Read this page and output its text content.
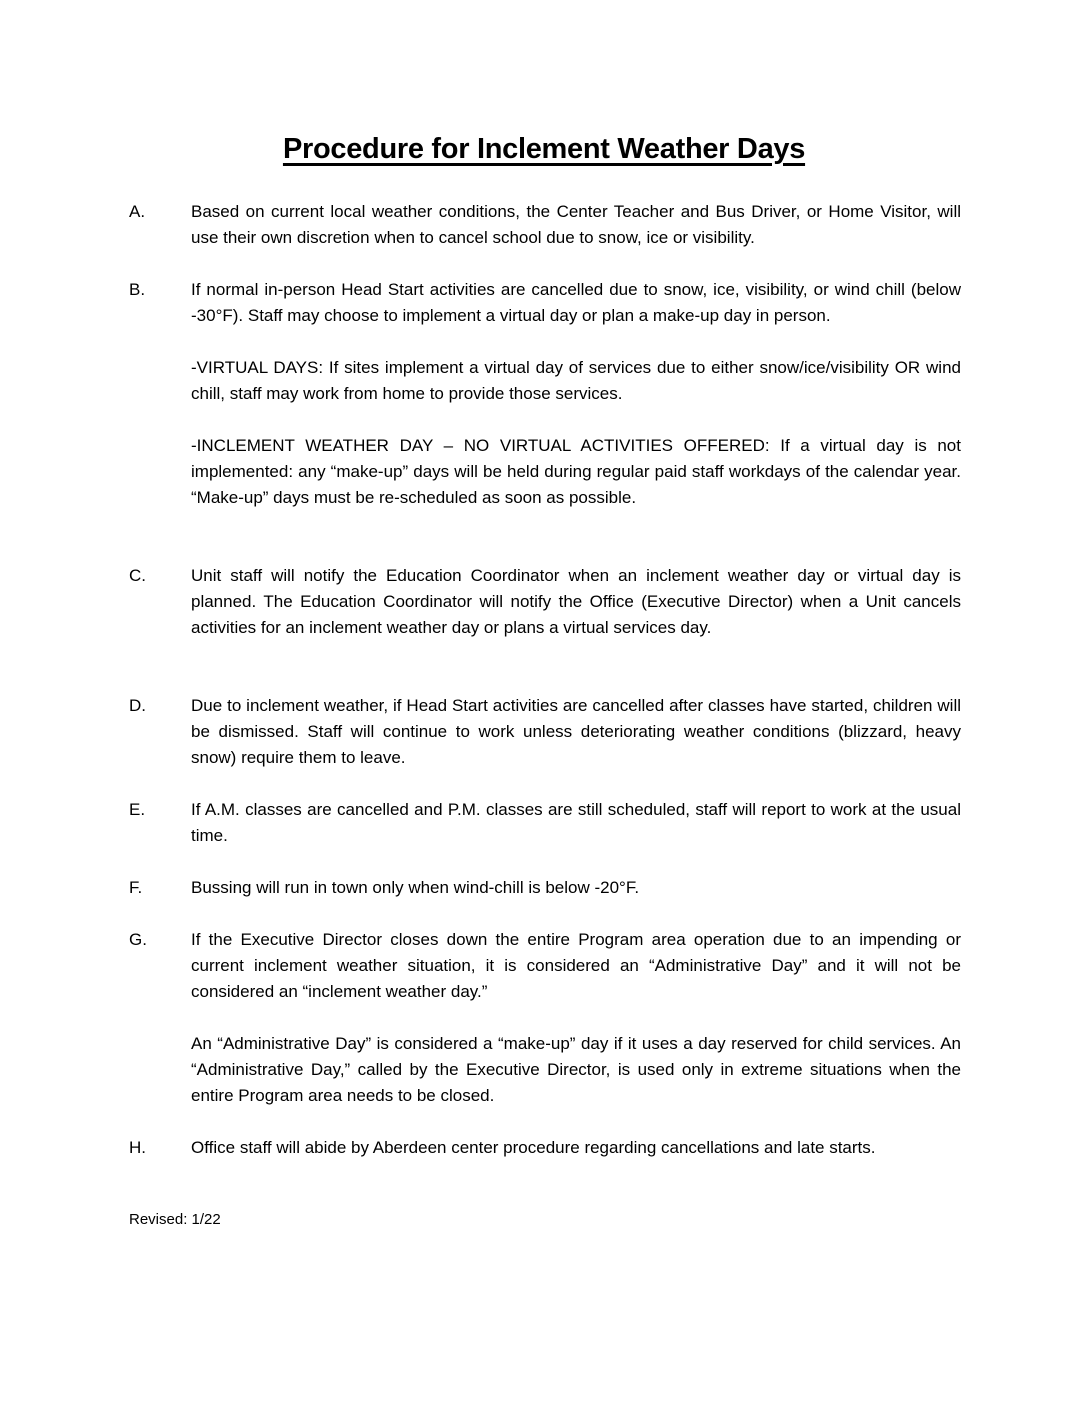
Procedure for Inclement Weather Days
A.	Based on current local weather conditions, the Center Teacher and Bus Driver, or Home Visitor, will use their own discretion when to cancel school due to snow, ice or visibility.

B.	If normal in-person Head Start activities are cancelled due to snow, ice, visibility, or wind chill (below -30°F). Staff may choose to implement a virtual day or plan a make-up day in person.

-VIRTUAL DAYS: If sites implement a virtual day of services due to either snow/ice/visibility OR wind chill, staff may work from home to provide those services.

-INCLEMENT WEATHER DAY – NO VIRTUAL ACTIVITIES OFFERED: If a virtual day is not implemented: any “make-up” days will be held during regular paid staff workdays of the calendar year. “Make-up” days must be re-scheduled as soon as possible.

C.	Unit staff will notify the Education Coordinator when an inclement weather day or virtual day is planned. The Education Coordinator will notify the Office (Executive Director) when a Unit cancels activities for an inclement weather day or plans a virtual services day.

D.	Due to inclement weather, if Head Start activities are cancelled after classes have started, children will be dismissed. Staff will continue to work unless deteriorating weather conditions (blizzard, heavy snow) require them to leave.

E.	If A.M. classes are cancelled and P.M. classes are still scheduled, staff will report to work at the usual time.

F.	Bussing will run in town only when wind-chill is below -20°F.

G.	If the Executive Director closes down the entire Program area operation due to an impending or current inclement weather situation, it is considered an “Administrative Day” and it will not be considered an “inclement weather day.”

An “Administrative Day” is considered a “make-up” day if it uses a day reserved for child services. An “Administrative Day,” called by the Executive Director, is used only in extreme situations when the entire Program area needs to be closed.

H.	Office staff will abide by Aberdeen center procedure regarding cancellations and late starts.

Revised: 1/22
